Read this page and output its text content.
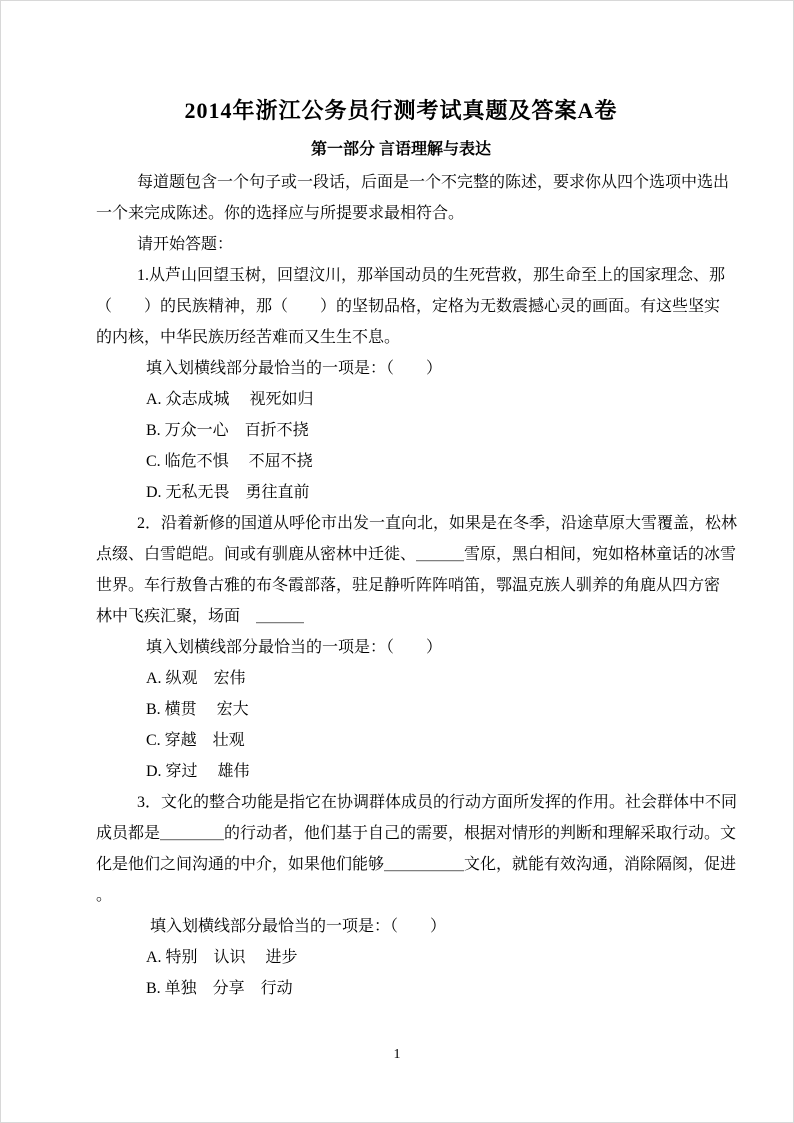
2014年浙江公务员行测考试真题及答案A卷
第一部分 言语理解与表达
每道题包含一个句子或一段话，后面是一个不完整的陈述，要求你从四个选项中选出
一个来完成陈述。你的选择应与所提要求最相符合。
请开始答题：
1.从芦山回望玉树，回望汶川，那举国动员的生死营救，那生命至上的国家理念、那
（　　）的民族精神，那（　　）的坚韧品格，定格为无数震撼心灵的画面。有这些坚实
的内核，中华民族历经苦难而又生生不息。
填入划横线部分最恰当的一项是：（　　）
A. 众志成城　 视死如归
B. 万众一心　百折不挠
C. 临危不惧　 不屈不挠
D. 无私无畏　勇往直前
2．沿着新修的国道从呼伦市出发一直向北，如果是在冬季，沿途草原大雪覆盖，松林
点缀、白雪皑皑。间或有驯鹿从密林中迁徙、＿＿＿雪原，黑白相间，宛如格林童话的冰雪
世界。车行敖鲁古雅的布冬霞部落，驻足静听阵阵哨笛，鄂温克族人驯养的角鹿从四方密
林中飞疾汇聚，场面　＿＿＿
填入划横线部分最恰当的一项是：（　　）
A. 纵观　宏伟
B. 横贯　 宏大
C. 穿越　壮观
D. 穿过　 雄伟
3．文化的整合功能是指它在协调群体成员的行动方面所发挥的作用。社会群体中不同
成员都是＿＿＿＿的行动者，他们基于自己的需要，根据对情形的判断和理解采取行动。文
化是他们之间沟通的中介，如果他们能够＿＿＿＿＿文化，就能有效沟通，消除隔阂，促进
。
填入划横线部分最恰当的一项是：（　　）
A. 特别　认识　 进步
B. 单独　分享　行动
1
